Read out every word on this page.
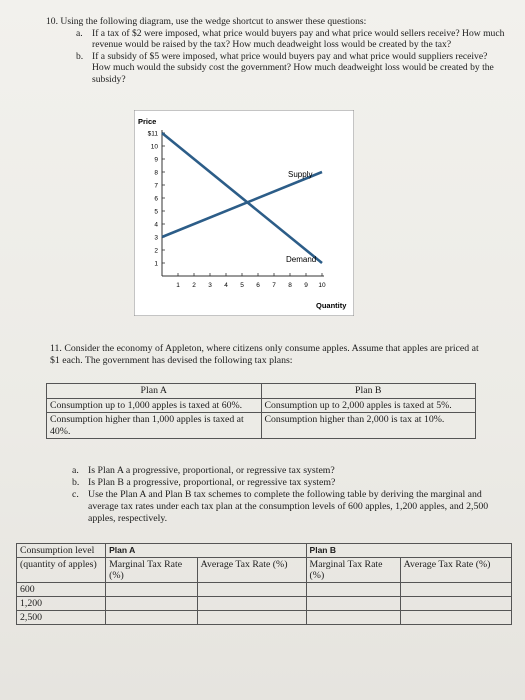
10. Using the following diagram, use the wedge shortcut to answer these questions:
a. If a tax of $2 were imposed, what price would buyers pay and what price would sellers receive? How much revenue would be raised by the tax? How much deadweight loss would be created by the tax?
b. If a subsidy of $5 were imposed, what price would buyers pay and what price would suppliers receive? How much would the subsidy cost the government? How much deadweight loss would be created by the subsidy?
Price
Quantity
1
2
3
4
5
6
7
8
9
10
$11
1 2 3 4 5 6 7 8 9 10
Supply
Demand
11. Consider the economy of Appleton, where citizens only consume apples. Assume that apples are priced at $1 each. The government has devised the following tax plans:
Plan A	Plan B
Consumption up to 1,000 apples is taxed at 60%.	Consumption up to 2,000 apples is taxed at 5%.
Consumption higher than 1,000 apples is taxed at 40%.	Consumption higher than 2,000 is tax at 10%.
a. Is Plan A a progressive, proportional, or regressive tax system?
b. Is Plan B a progressive, proportional, or regressive tax system?
c. Use the Plan A and Plan B tax schemes to complete the following table by deriving the marginal and average tax rates under each tax plan at the consumption levels of 600 apples, 1,200 apples, and 2,500 apples, respectively.
Consumption level	Plan A		Plan B	
(quantity of apples)	Marginal Tax Rate (%)	Average Tax Rate (%)	Marginal Tax Rate (%)	Average Tax Rate (%)
600				
1,200				
2,500				
